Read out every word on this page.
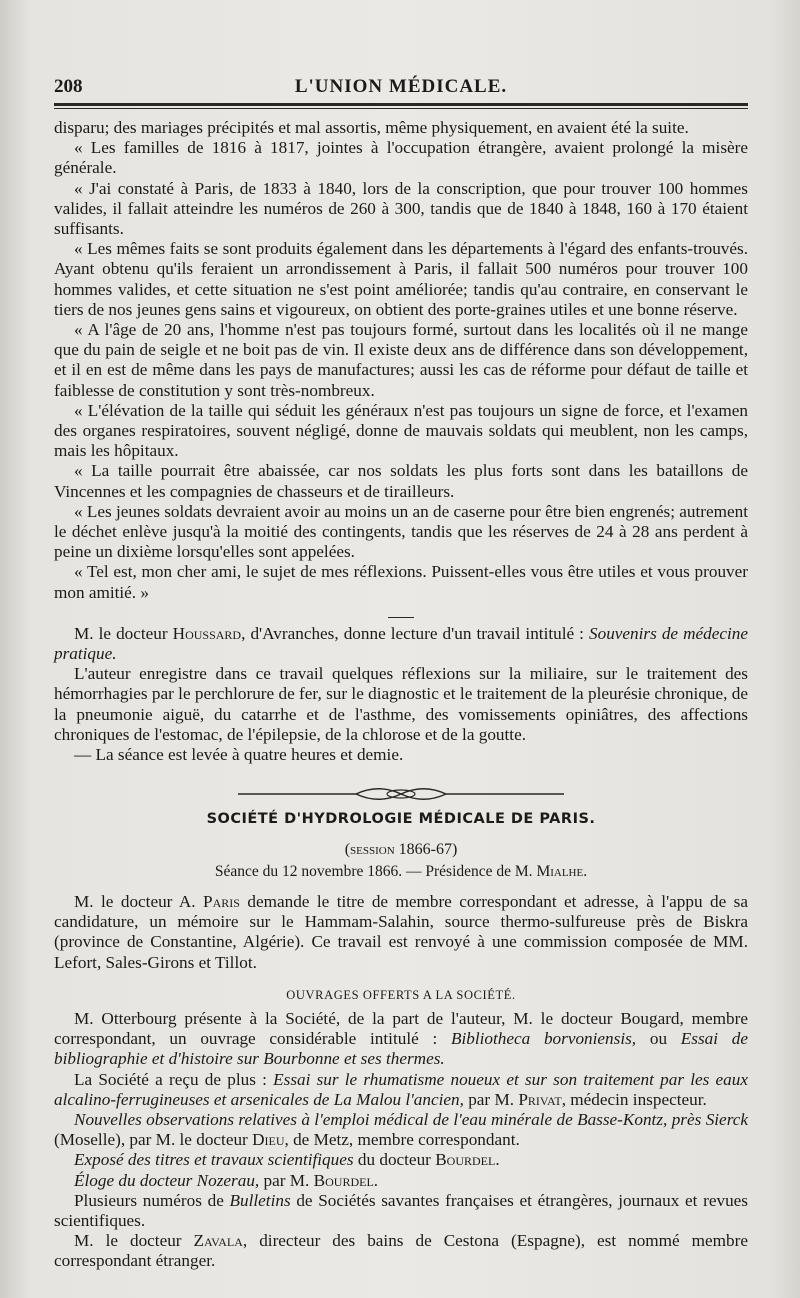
208	L'UNION MÉDICALE.

disparu; des mariages précipités et mal assortis, même physiquement, en avaient été la suite.

« Les familles de 1816 à 1817, jointes à l'occupation étrangère, avaient prolongé la misère générale.

« J'ai constaté à Paris, de 1833 à 1840, lors de la conscription, que pour trouver 100 hommes valides, il fallait atteindre les numéros de 260 à 300, tandis que de 1840 à 1848, 160 à 170 étaient suffisants.

« Les mêmes faits se sont produits également dans les départements à l'égard des enfants-trouvés. Ayant obtenu qu'ils feraient un arrondissement à Paris, il fallait 500 numéros pour trouver 100 hommes valides, et cette situation ne s'est point améliorée; tandis qu'au contraire, en conservant le tiers de nos jeunes gens sains et vigoureux, on obtient des porte-graines utiles et une bonne réserve.

« A l'âge de 20 ans, l'homme n'est pas toujours formé, surtout dans les localités où il ne mange que du pain de seigle et ne boit pas de vin. Il existe deux ans de différence dans son développement, et il en est de même dans les pays de manufactures; aussi les cas de réforme pour défaut de taille et faiblesse de constitution y sont très-nombreux.

« L'élévation de la taille qui séduit les généraux n'est pas toujours un signe de force, et l'examen des organes respiratoires, souvent négligé, donne de mauvais soldats qui meublent, non les camps, mais les hôpitaux.

« La taille pourrait être abaissée, car nos soldats les plus forts sont dans les bataillons de Vincennes et les compagnies de chasseurs et de tirailleurs.

« Les jeunes soldats devraient avoir au moins un an de caserne pour être bien engrenés; autrement le déchet enlève jusqu'à la moitié des contingents, tandis que les réserves de 24 à 28 ans perdent à peine un dixième lorsqu'elles sont appelées.

« Tel est, mon cher ami, le sujet de mes réflexions. Puissent-elles vous être utiles et vous prouver mon amitié. »

M. le docteur Houssard, d'Avranches, donne lecture d'un travail intitulé : Souvenirs de médecine pratique.

L'auteur enregistre dans ce travail quelques réflexions sur la miliaire, sur le traitement des hémorrhagies par le perchlorure de fer, sur le diagnostic et le traitement de la pleurésie chronique, de la pneumonie aiguë, du catarrhe et de l'asthme, des vomissements opiniâtres, des affections chroniques de l'estomac, de l'épilepsie, de la chlorose et de la goutte.

— La séance est levée à quatre heures et demie.

SOCIÉTÉ D'HYDROLOGIE MÉDICALE DE PARIS.
(session 1866-67)
Séance du 12 novembre 1866. — Présidence de M. Mialhe.

M. le docteur A. Paris demande le titre de membre correspondant et adresse, à l'appu de sa candidature, un mémoire sur le Hammam-Salahin, source thermo-sulfureuse près de Biskra (province de Constantine, Algérie). Ce travail est renvoyé à une commission composée de MM. Lefort, Sales-Girons et Tillot.

OUVRAGES OFFERTS A LA SOCIÉTÉ.

M. Otterbourg présente à la Société, de la part de l'auteur, M. le docteur Bougard, membre correspondant, un ouvrage considérable intitulé : Bibliotheca borvoniensis, ou Essai de bibliographie et d'histoire sur Bourbonne et ses thermes.

La Société a reçu de plus : Essai sur le rhumatisme noueux et sur son traitement par les eaux alcalino-ferrugineuses et arsenicales de La Malou l'ancien, par M. Privat, médecin inspecteur.

Nouvelles observations relatives à l'emploi médical de l'eau minérale de Basse-Kontz, près Sierck (Moselle), par M. le docteur Dieu, de Metz, membre correspondant.

Exposé des titres et travaux scientifiques du docteur Bourdel.

Éloge du docteur Nozerau, par M. Bourdel.

Plusieurs numéros de Bulletins de Sociétés savantes françaises et étrangères, journaux et revues scientifiques.

M. le docteur Zavala, directeur des bains de Cestona (Espagne), est nommé membre correspondant étranger.
